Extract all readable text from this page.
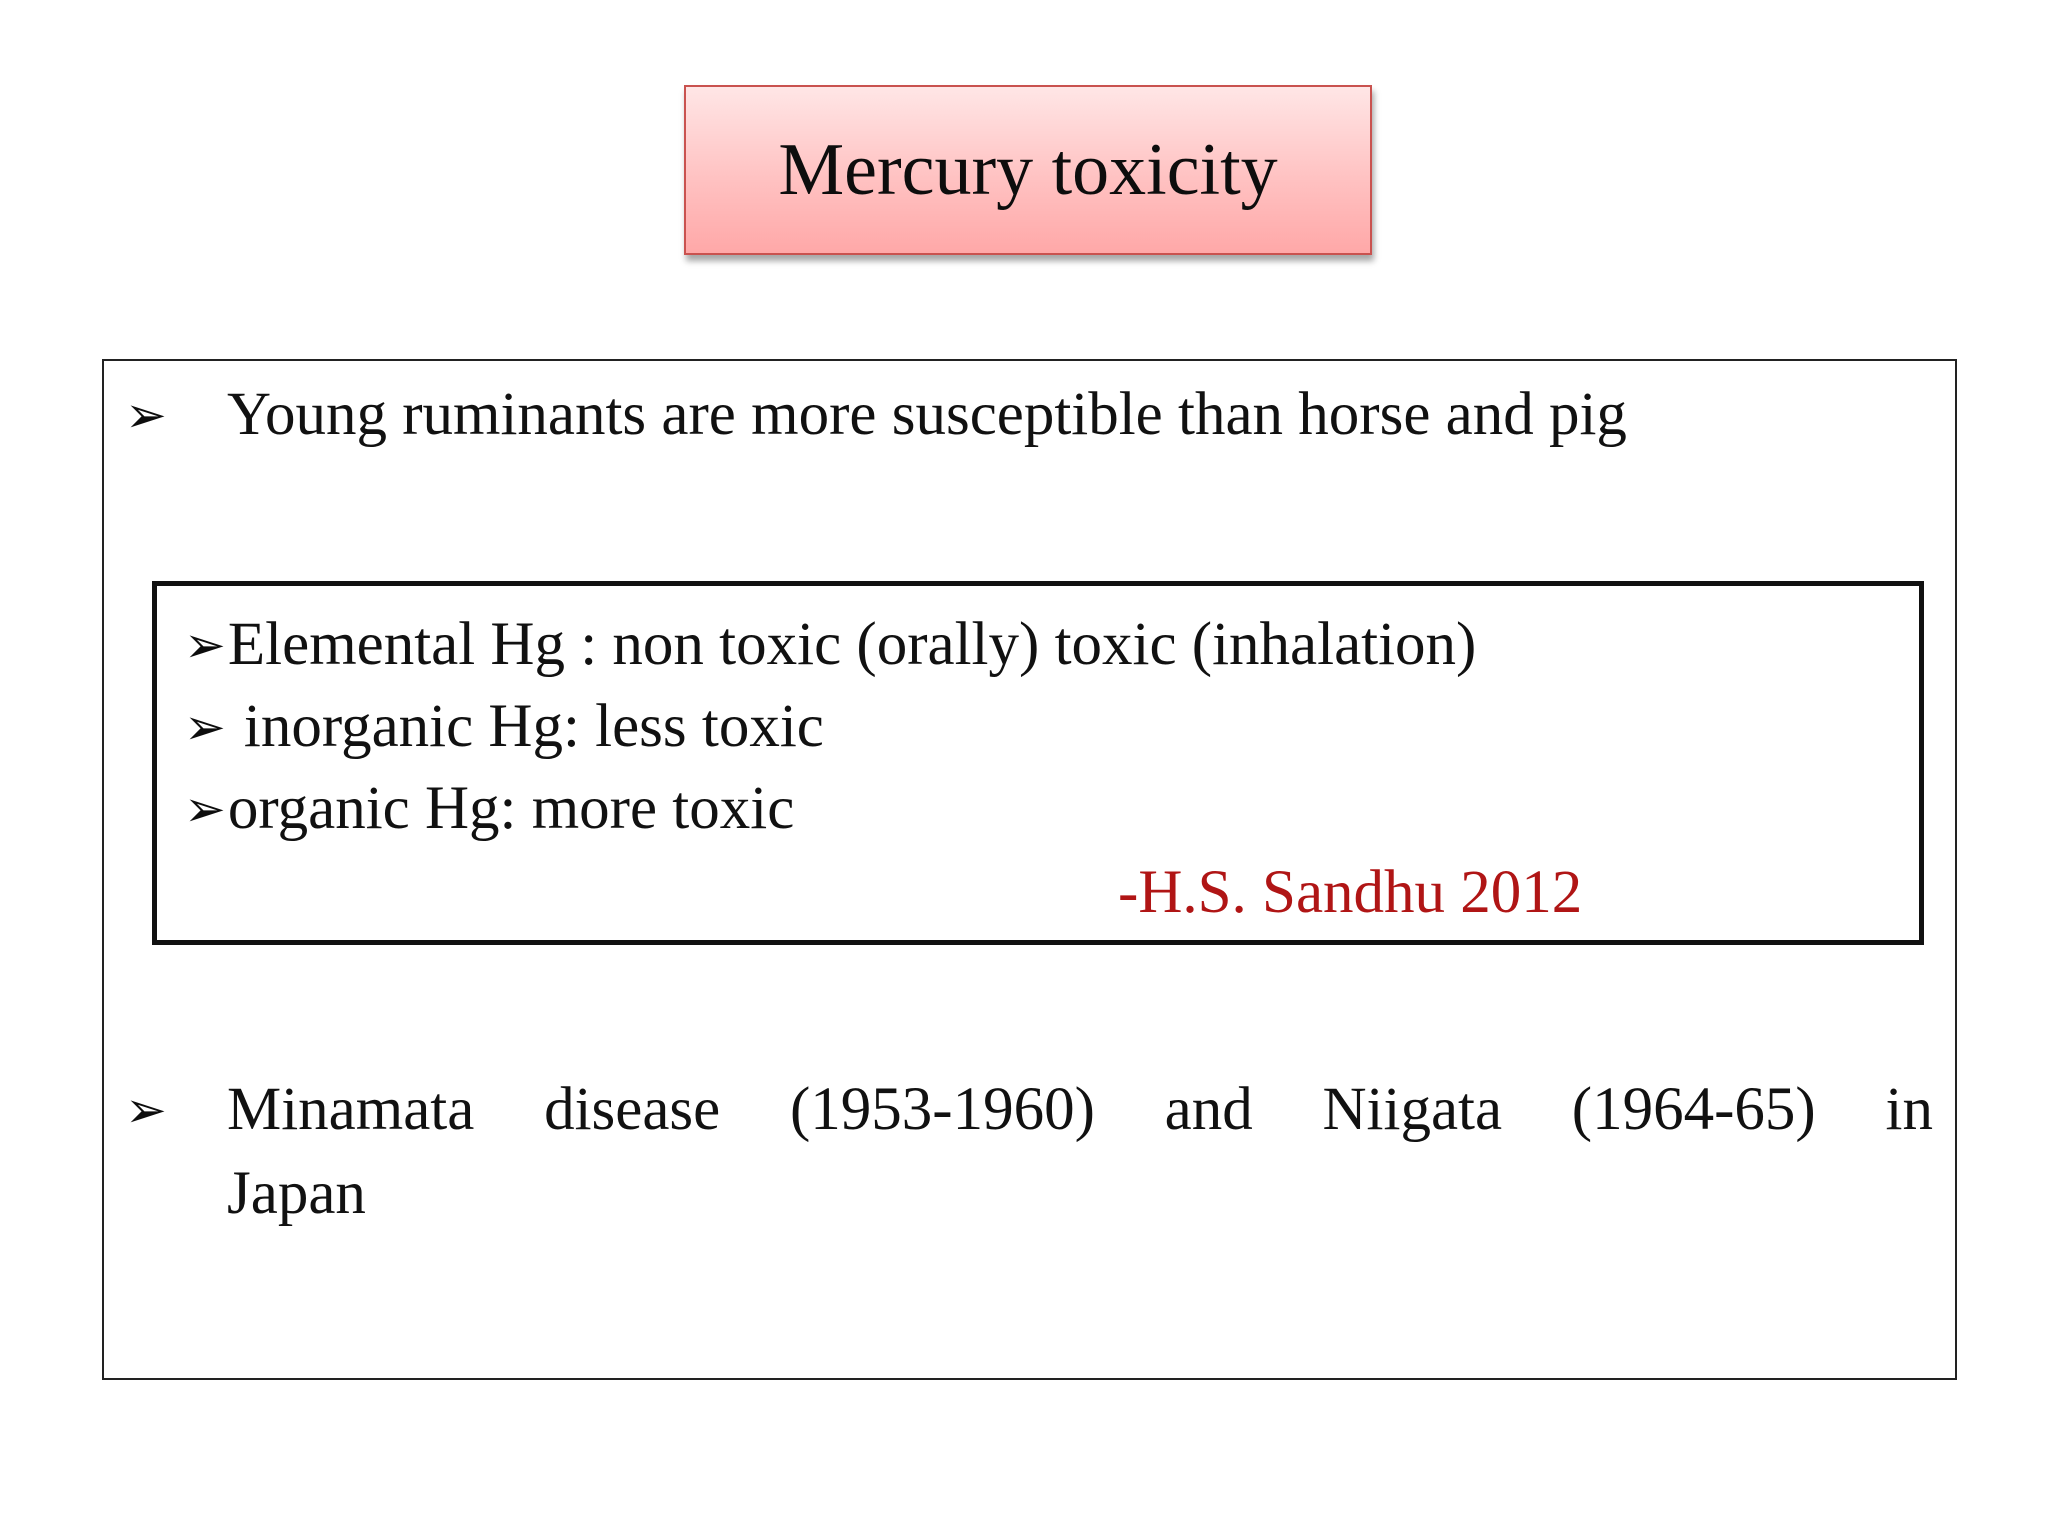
Mercury toxicity
➢ Young ruminants are more susceptible than horse and pig
➢Elemental Hg : non toxic (orally) toxic (inhalation)
➢ inorganic Hg: less toxic
➢organic Hg: more toxic
-H.S. Sandhu 2012
➢ Minamata disease (1953-1960) and Niigata (1964-65) in
Japan
